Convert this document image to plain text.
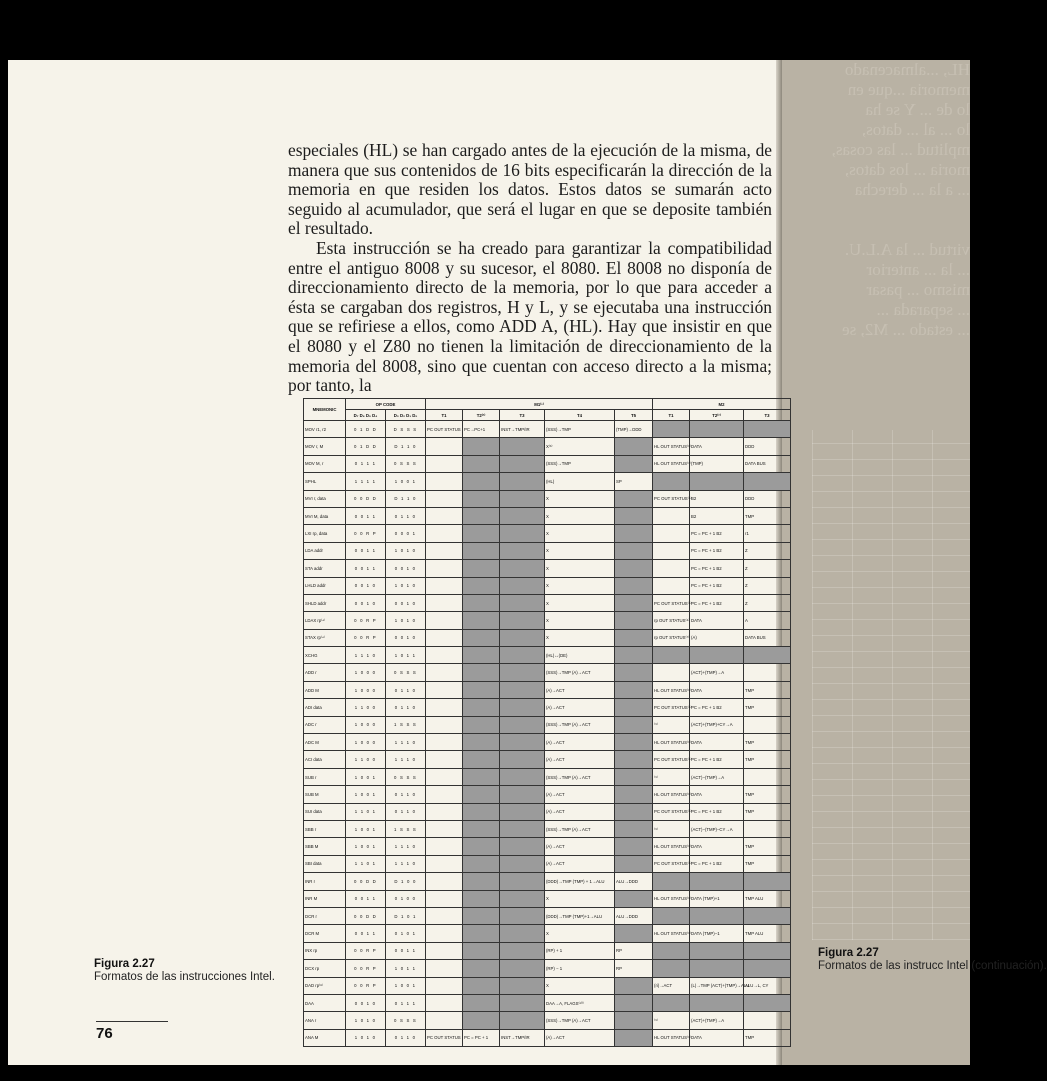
HL, ...almacenado
memoria ...que en
lo de ... Y se ha
lo ... al ... datos,
mplitud ... las cosas,
moria ... los datos,
... a la ... derecha

virtud ... la A.L.U.
... la ... anterior
mismo ... pasar
... separada ...
... estado ... M2, se

especiales (HL) se han cargado antes de la ejecución de la misma, de manera que sus contenidos de 16 bits especificarán la dirección de la memoria en que residen los datos. Estos datos se sumarán acto seguido al acumulador, que será el lugar en que se deposite también el resultado.

Esta instrucción se ha creado para garantizar la compatibilidad entre el antiguo 8008 y su sucesor, el 8080. El 8008 no disponía de direccionamiento directo de la memoria, por lo que para acceder a ésta se cargaban dos registros, H y L, y se ejecutaba una instrucción que se refiriese a ellos, como ADD A, (HL). Hay que insistir en que el 8080 y el Z80 no tienen la limitación de direccionamiento de la memoria del 8008, sino que cuentan con acceso directo a la misma; por tanto, la

MNEMONIC	OP CODE		M1⁽¹⁾					M2		
	D₇ D₆ D₅ D₄	D₃ D₂ D₁ D₀	T1	T2⁽²⁾	T3	T4	T5	T1	T2⁽²⁾	T3
MOV r1, r2	0 1 D D	D S S S	PC OUT STATUS	PC→PC+1	INST→TMP/IR	(SSS)→TMP	(TMP)→DDD			
MOV r, M	0 1 D D	D 1 1 0				X⁽³⁾		HL OUT STATUS⁽⁶⁾	DATA	DDD
MOV M, r	0 1 1 1	0 S S S				(SSS)→TMP		HL OUT STATUS⁽⁷⁾	(TMP)	DATA BUS
SPHL	1 1 1 1	1 0 0 1				(HL)	SP			
MVI r, data	0 0 D D	D 1 1 0				X		PC OUT STATUS⁽⁶⁾	B2	DDD
MVI M, data	0 0 1 1	0 1 1 0				X			B2	TMP
LXI rp, data	0 0 R P	0 0 0 1				X			PC = PC + 1 B2	r1
LDA addr	0 0 1 1	1 0 1 0				X			PC = PC + 1 B2	Z
STA addr	0 0 1 1	0 0 1 0				X			PC = PC + 1 B2	Z
LHLD addr	0 0 1 0	1 0 1 0				X			PC = PC + 1 B2	Z
SHLD addr	0 0 1 0	0 0 1 0				X		PC OUT STATUS⁽⁶⁾	PC = PC + 1 B2	Z
LDAX rp⁽⁴⁾	0 0 R P	1 0 1 0				X		rp OUT STATUS⁽⁶⁾	DATA	A
STAX rp⁽⁴⁾	0 0 R P	0 0 1 0				X		rp OUT STATUS⁽⁷⁾	(A)	DATA BUS
XCHG	1 1 1 0	1 0 1 1				(HL)↔(DE)				
ADD r	1 0 0 0	0 S S S				(SSS)→TMP (A)→ACT			(ACT)+(TMP)→A	
ADD M	1 0 0 0	0 1 1 0				(A)→ACT		HL OUT STATUS⁽⁶⁾	DATA	TMP
ADI data	1 1 0 0	0 1 1 0				(A)→ACT		PC OUT STATUS⁽⁶⁾	PC = PC + 1 B2	TMP
ADC r	1 0 0 0	1 S S S				(SSS)→TMP (A)→ACT		⁽⁹⁾	(ACT)+(TMP)+CY→A	
ADC M	1 0 0 0	1 1 1 0				(A)→ACT		HL OUT STATUS⁽⁶⁾	DATA	TMP
ACI data	1 1 0 0	1 1 1 0				(A)→ACT		PC OUT STATUS⁽⁶⁾	PC = PC + 1 B2	TMP
SUB r	1 0 0 1	0 S S S				(SSS)→TMP (A)→ACT		⁽⁹⁾	(ACT)−(TMP)→A	
SUB M	1 0 0 1	0 1 1 0				(A)→ACT		HL OUT STATUS⁽⁶⁾	DATA	TMP
SUI data	1 1 0 1	0 1 1 0				(A)→ACT		PC OUT STATUS⁽⁶⁾	PC = PC + 1 B2	TMP
SBB r	1 0 0 1	1 S S S				(SSS)→TMP (A)→ACT		⁽⁹⁾	(ACT)−(TMP)−CY→A	
SBB M	1 0 0 1	1 1 1 0				(A)→ACT		HL OUT STATUS⁽⁶⁾	DATA	TMP
SBI data	1 1 0 1	1 1 1 0				(A)→ACT		PC OUT STATUS⁽⁶⁾	PC = PC + 1 B2	TMP
INR r	0 0 D D	D 1 0 0				(DDD)→TMP (TMP) + 1→ALU	ALU→DDD			
INR M	0 0 1 1	0 1 0 0				X		HL OUT STATUS⁽⁶⁾	DATA (TMP)+1	TMP ALU
DCR r	0 0 D D	D 1 0 1				(DDD)→TMP (TMP)+1→ALU	ALU→DDD			
DCR M	0 0 1 1	0 1 0 1				X		HL OUT STATUS⁽⁶⁾	DATA (TMP)−1	TMP ALU
INX rp	0 0 R P	0 0 1 1				(RP) + 1	RP			
DCX rp	0 0 R P	1 0 1 1				(RP) − 1	RP			
DAD rp⁽⁸⁾	0 0 R P	1 0 0 1				X		(ri)→ACT	(L)→TMP (ACT)+(TMP)→ALU	ALU→L, CY
DAA	0 0 1 0	0 1 1 1				DAA→A, FLAGS⁽¹⁰⁾				
ANA r	1 0 1 0	0 S S S				(SSS)→TMP (A)→ACT		⁽⁹⁾	(ACT)+(TMP)→A	
ANA M	1 0 1 0	0 1 1 0	PC OUT STATUS	PC = PC + 1	INST→TMP/IR	(A)→ACT		HL OUT STATUS⁽⁶⁾	DATA	TMP
Figura 2.27
Formatos de las instrucciones Intel.
Figura 2.27
Formatos de las instrucc Intel (continuación).
76
